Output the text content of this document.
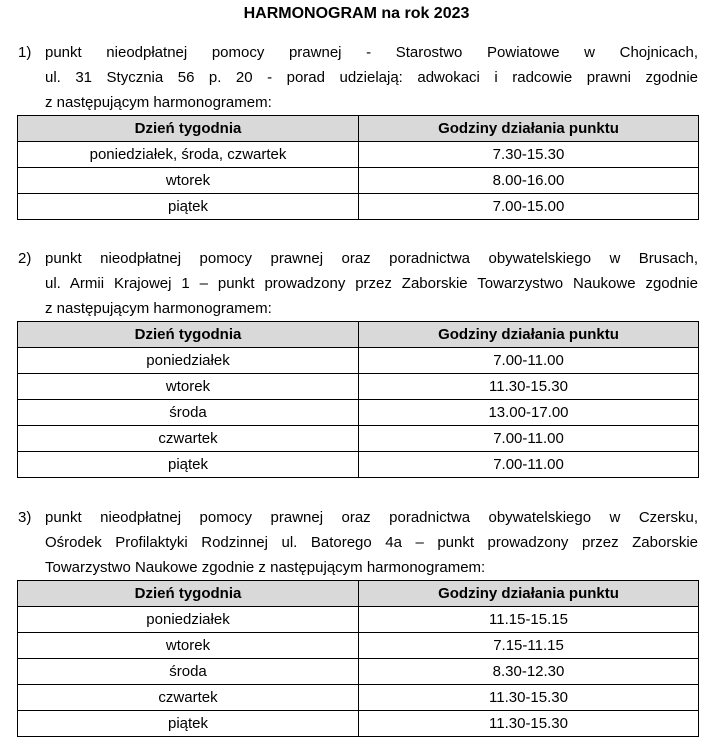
HARMONOGRAM na rok 2023
1) punkt nieodpłatnej pomocy prawnej - Starostwo Powiatowe w Chojnicach,
ul. 31 Stycznia 56 p. 20 - porad udzielają: adwokaci i radcowie prawni zgodnie
z następującym harmonogramem:
Dzień tygodnia	Godziny działania punktu
poniedziałek, środa, czwartek	7.30-15.30
wtorek	8.00-16.00
piątek	7.00-15.00
2) punkt nieodpłatnej pomocy prawnej oraz poradnictwa obywatelskiego w Brusach,
ul. Armii Krajowej 1 – punkt prowadzony przez Zaborskie Towarzystwo Naukowe zgodnie
z następującym harmonogramem:
Dzień tygodnia	Godziny działania punktu
poniedziałek	7.00-11.00
wtorek	11.30-15.30
środa	13.00-17.00
czwartek	7.00-11.00
piątek	7.00-11.00
3) punkt nieodpłatnej pomocy prawnej oraz poradnictwa obywatelskiego w Czersku,
Ośrodek Profilaktyki Rodzinnej ul. Batorego 4a – punkt prowadzony przez Zaborskie
Towarzystwo Naukowe zgodnie z następującym harmonogramem:
Dzień tygodnia	Godziny działania punktu
poniedziałek	11.15-15.15
wtorek	7.15-11.15
środa	8.30-12.30
czwartek	11.30-15.30
piątek	11.30-15.30
